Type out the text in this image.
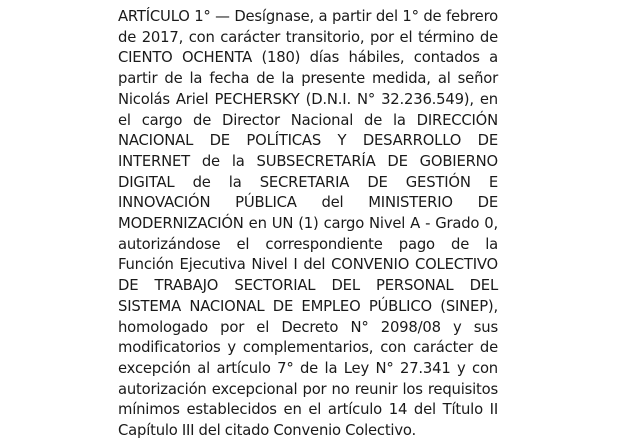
ARTÍCULO 1° — Desígnase, a partir del 1° de febrero de 2017, con carácter transitorio, por el término de CIENTO OCHENTA (180) días hábiles, contados a partir de la fecha de la presente medida, al señor Nicolás Ariel PECHERSKY (D.N.I. N° 32.236.549), en el cargo de Director Nacional de la DIRECCIÓN NACIONAL DE POLÍTICAS Y DESARROLLO DE INTERNET de la SUBSECRETARÍA DE GOBIERNO DIGITAL de la SECRETARIA DE GESTIÓN E INNOVACIÓN PÚBLICA del MINISTERIO DE MODERNIZACIÓN en UN (1) cargo Nivel A - Grado 0, autorizándose el correspondiente pago de la Función Ejecutiva Nivel I del CONVENIO COLECTIVO DE TRABAJO SECTORIAL DEL PERSONAL DEL SISTEMA NACIONAL DE EMPLEO PÚBLICO (SINEP), homologado por el Decreto N° 2098/08 y sus modificatorios y complementarios, con carácter de excepción al artículo 7° de la Ley N° 27.341 y con autorización excepcional por no reunir los requisitos mínimos establecidos en el artículo 14 del Título II Capítulo III del citado Convenio Colectivo.
